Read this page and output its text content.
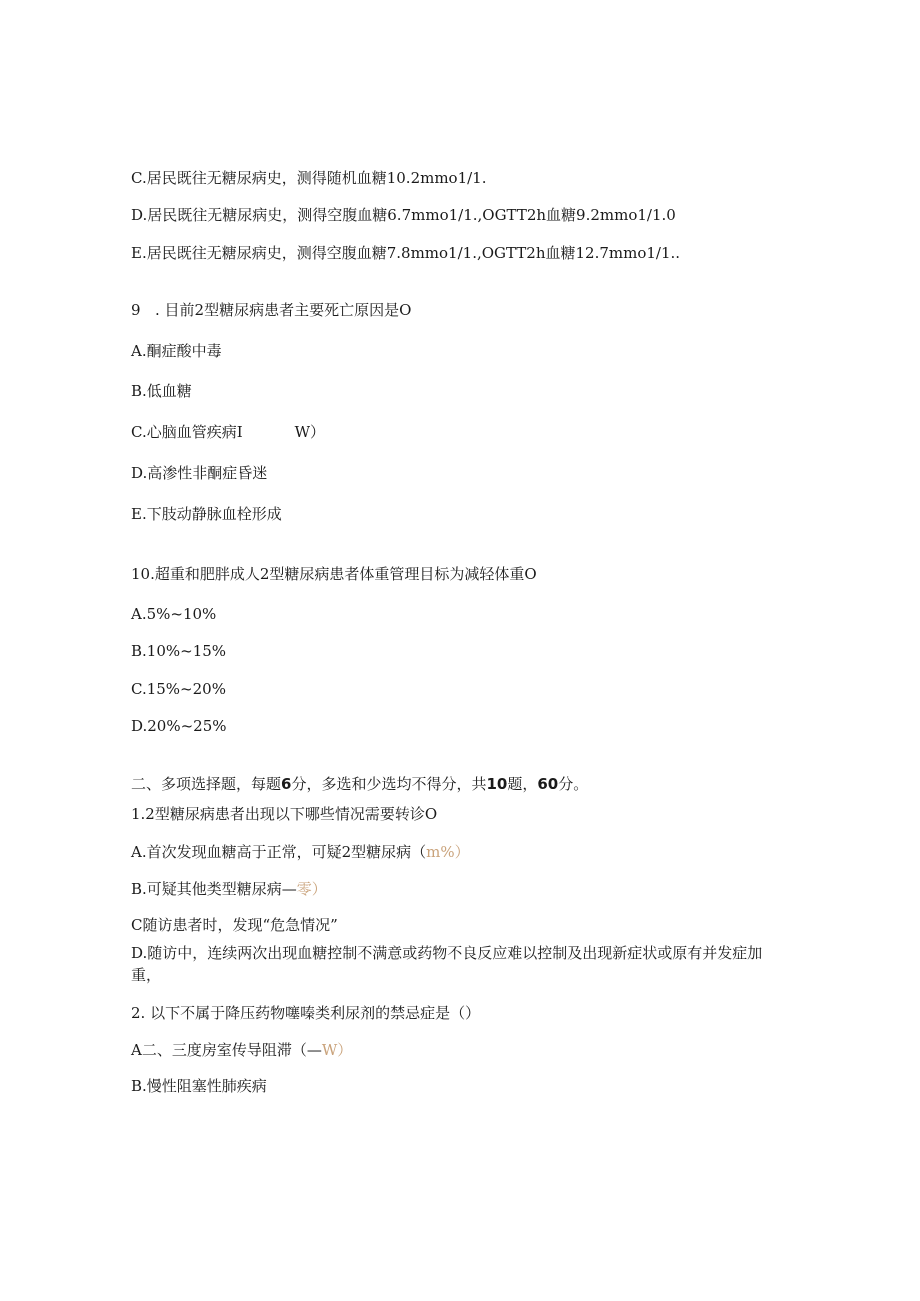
C.居民既往无糖尿病史，测得随机血糖10.2mmo1/1.
D.居民既往无糖尿病史，测得空腹血糖6.7mmo1/1.,OGTT2h血糖9.2mmo1/1.0
E.居民既往无糖尿病史，测得空腹血糖7.8mmo1/1.,OGTT2h血糖12.7mmo1/1..
9 . 目前2型糖尿病患者主要死亡原因是O
A.酮症酸中毒
B.低血糖
C.心脑血管疾病I	W）
D.高渗性非酮症昏迷
E.下肢动静脉血栓形成
10.超重和肥胖成人2型糖尿病患者体重管理目标为减轻体重O
A.5%~10%
B.10%~15%
C.15%~20%
D.20%~25%
二、多项选择题，每题6分，多选和少选均不得分，共10题，60分。
1.2型糖尿病患者出现以下哪些情况需要转诊O
A.首次发现血糖高于正常，可疑2型糖尿病（m%）
B.可疑其他类型糖尿病—零）
C随访患者时，发现“危急情况”
D.随访中，连续两次出现血糖控制不满意或药物不良反应难以控制及出现新症状或原有并发症加重，
2. 以下不属于降压药物噻嗪类利尿剂的禁忌症是（）
A二、三度房室传导阻滞（—W）
B.慢性阻塞性肺疾病
